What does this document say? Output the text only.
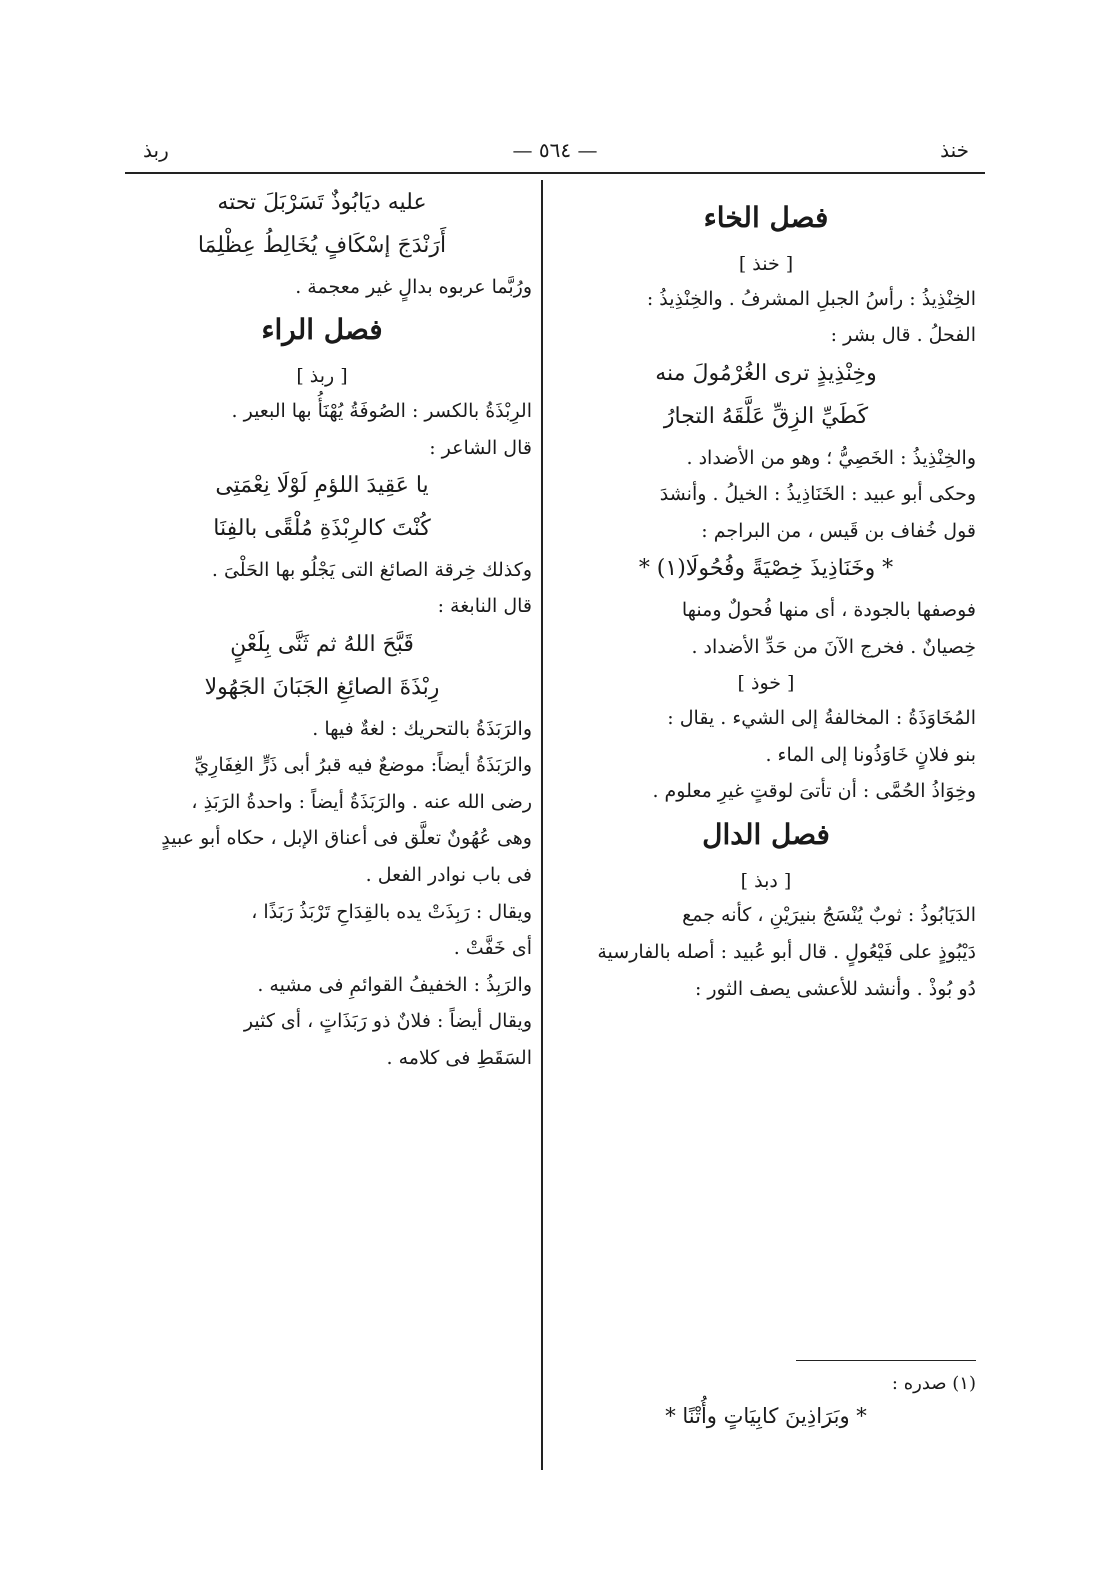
خنذ
— ٥٦٤ —
ربذ
فصل الخاء
[ خنذ ]
الخِنْذِيذُ : رأسُ الجبلِ المشرفُ . والخِنْذِيذُ :
الفحلُ . قال بشر :
وخِنْذِيذٍ ترى الغُرْمُولَ منه
كَطَيِّ الزِقِّ عَلَّقَهُ التجارُ
والخِنْذِيذُ : الخَصِيُّ ؛ وهو من الأضداد .
وحكى أبو عبيد : الخَنَاذِيذُ : الخيلُ . وأنشدَ
قول خُفاف بن قَيس ، من البراجم :
* وخَنَاذِيذَ خِصْيَةً وفُحُولَا(١) *
فوصفها بالجودة ، أى منها فُحولٌ ومنها
خِصيانٌ . فخرج الآنَ من حَدِّ الأضداد .
[ خوذ ]
المُخَاوَذَةُ : المخالفةُ إلى الشيء . يقال :
بنو فلانٍ خَاوَذُونا إلى الماء .
وخِوَاذُ الحُمَّى : أن تأتىَ لوقتٍ غيرِ معلوم .
فصل الدال
[ دبذ ]
الدَيَابُوذُ : ثوبٌ يُنْسَجُ بنيرَيْنِ ، كأنه جمع
دَيْبُوذٍ على فَيْعُولٍ . قال أبو عُبيد : أصله بالفارسية
دُو بُوذْ . وأنشد للأعشى يصف الثور :
(١) صدره :
* وبَرَاذِينَ كابِيَاتٍ وأُتْنًا *
عليه ديَابُوذٌ تَسَرْبَلَ تحته
أَرَنْدَجَ إسْكَافٍ يُخَالِطُ عِظْلِمَا
ورُبَّما عربوه بدالٍ غير معجمة .
فصل الراء
[ ربذ ]
الرِبْذَةُ بالكسر : الصُوفَةُ يُهْنَأُ بها البعير .
قال الشاعر :
يا عَقِيدَ اللؤمِ لَوْلَا نِعْمَتِى
كُنْتَ كالرِبْذَةِ مُلْقًى بالفِنَا
وكذلك خِرقة الصائغ التى يَجْلُو بها الحَلْىَ .
قال النابغة :
قَبَّحَ اللهُ ثم ثَنَّى بِلَعْنٍ
رِبْذَةَ الصائِغِ الجَبَانَ الجَهُولا
والرَبَذَةُ بالتحريك : لغةٌ فيها .
والرَبَذَةُ أيضاً: موضعٌ فيه قبرُ أبى ذَرٍّ الغِفَارِيِّ
رضى الله عنه . والرَبَذَةُ أيضاً : واحدةُ الرَبَذِ ،
وهى عُهُونٌ تعلَّق فى أعناق الإبل ، حكاه أبو عبيدٍ
فى باب نوادر الفعل .
ويقال : رَبِذَتْ يده بالقِدَاحِ تَرْبَذُ رَبَذًا ،
أى خَفَّتْ .
والرَبِذُ : الخفيفُ القوائمِ فى مشيه .
ويقال أيضاً : فلانٌ ذو رَبَذَاتٍ ، أى كثير
السَقَطِ فى كلامه .
